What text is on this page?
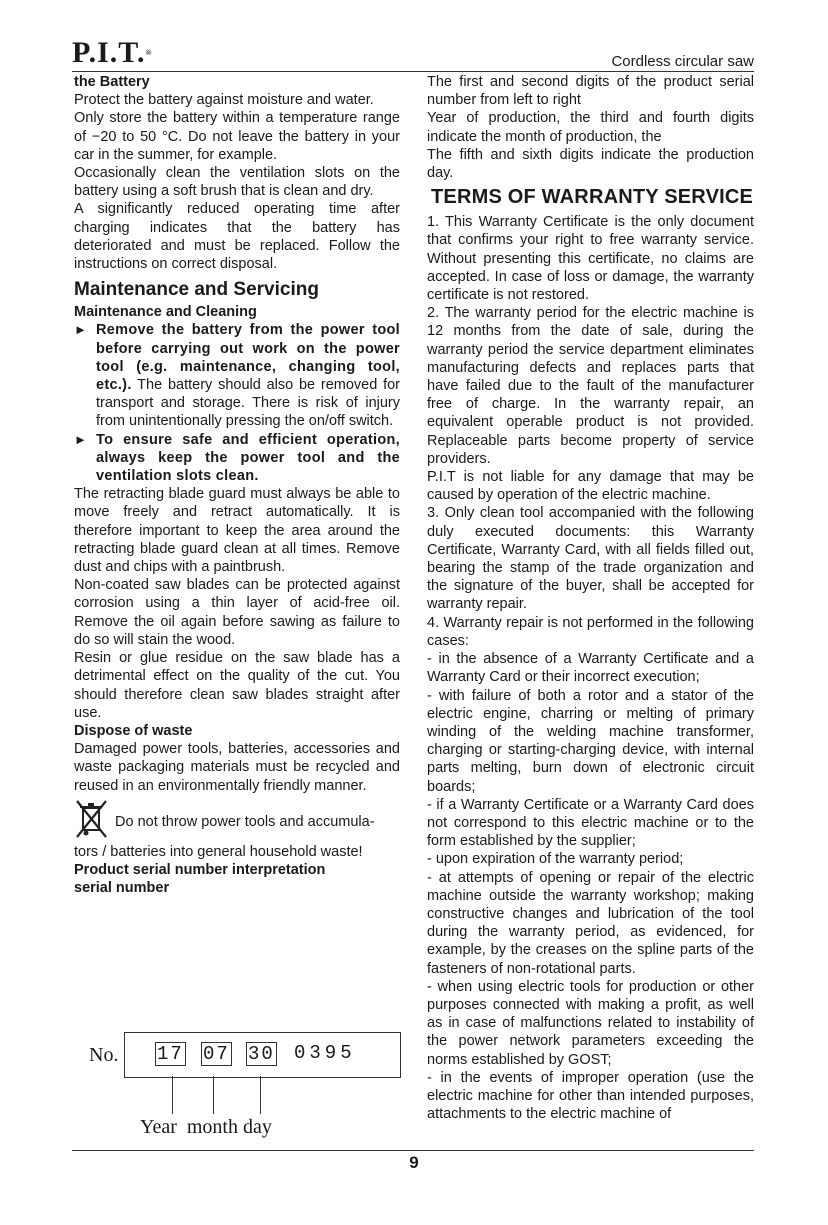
P.I.T.®
Cordless circular saw

the Battery

Protect the battery against moisture and water.

Only store the battery within a temperature range of −20 to 50 °C. Do not leave the battery in your car in the summer, for example.

Occasionally clean the ventilation slots on the battery using a soft brush that is clean and dry.

A significantly reduced operating time after charging indicates that the battery has deteriorated and must be replaced. Follow the instructions on correct disposal.

Maintenance and Servicing

Maintenance and Cleaning

► Remove the battery from the power tool before carrying out work on the power tool (e.g. maintenance, changing tool, etc.). The battery should also be removed for transport and storage. There is risk of injury from unintentionally pressing the on/off switch.
► To ensure safe and efficient operation, always keep the power tool and the ventilation slots clean.

The retracting blade guard must always be able to move freely and retract automatically. It is therefore important to keep the area around the retracting blade guard clean at all times. Remove dust and chips with a paintbrush.

Non-coated saw blades can be protected against corrosion using a thin layer of acid-free oil. Remove the oil again before sawing as failure to do so will stain the wood.

Resin or glue residue on the saw blade has a detrimental effect on the quality of the cut. You should therefore clean saw blades straight after use.

Dispose of waste

Damaged power tools, batteries, accessories and waste packaging materials must be recycled and reused in an environmentally friendly manner.

Do not throw power tools and accumula-

tors / batteries into general household waste!

Product serial number interpretation

serial number

No. 17 07 30 0395
Year  month day

The first and second digits of the product serial number from left to right

Year of production, the third and fourth digits indicate the month of production, the

The fifth and sixth digits indicate the production day.

TERMS OF WARRANTY SERVICE

1. This Warranty Certificate is the only document that confirms your right to free warranty service. Without presenting this certificate, no claims are accepted. In case of loss or damage, the warranty certificate is not restored.

2. The warranty period for the electric machine is 12 months from the date of sale, during the warranty period the service department eliminates manufacturing defects and replaces parts that have failed due to the fault of the manufacturer free of charge. In the warranty repair, an equivalent operable product is not provided. Replaceable parts become property of service providers.

P.I.T is not liable for any damage that may be caused by operation of the electric machine.

3. Only clean tool accompanied with the following duly executed documents: this Warranty Certificate, Warranty Card, with all fields filled out, bearing the stamp of the trade organization and the signature of the buyer, shall be accepted for warranty repair.

4. Warranty repair is not performed in the following cases:

- in the absence of a Warranty Certificate and a Warranty Card or their incorrect execution;

- with failure of both a rotor and a stator of the electric engine, charring or melting of primary winding of the welding machine transformer, charging or starting-charging device, with internal parts melting, burn down of electronic circuit boards;

- if a Warranty Certificate or a Warranty Card does not correspond to this electric machine or to the form established by the supplier;

- upon expiration of the warranty period;

- at attempts of opening or repair of the electric machine outside the warranty workshop; making constructive changes and lubrication of the tool during the warranty period, as evidenced, for example, by the creases on the spline parts of the fasteners of non-rotational parts.

- when using electric tools for production or other purposes connected with making a profit, as well as in case of malfunctions related to instability of the power network parameters exceeding the norms established by GOST;

- in the events of improper operation (use the electric machine for other than intended purposes, attachments to the electric machine of

9
